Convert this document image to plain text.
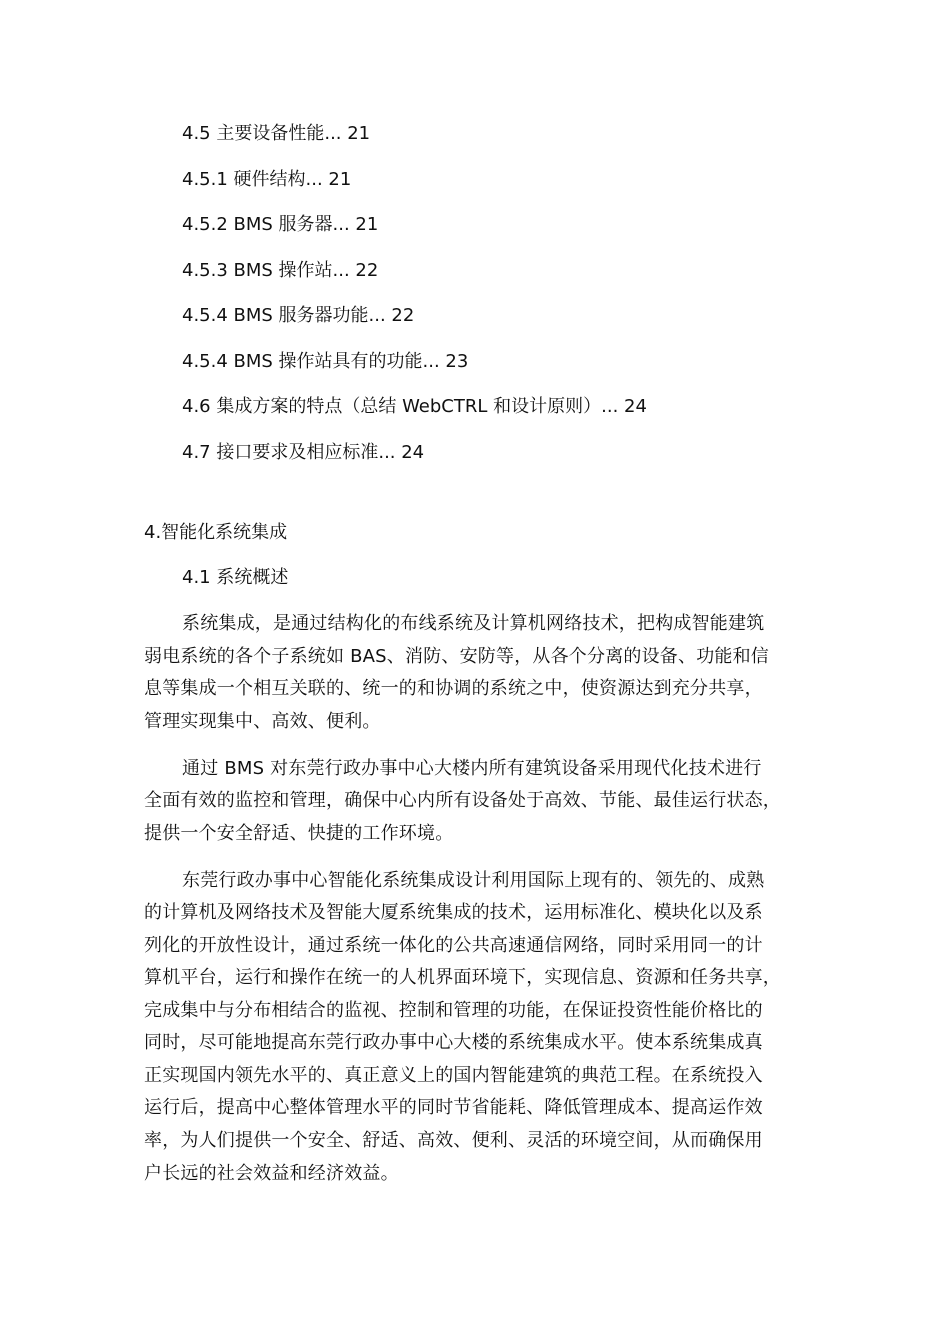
4.5 主要设备性能... 21
4.5.1 硬件结构... 21
4.5.2 BMS 服务器... 21
4.5.3 BMS 操作站... 22
4.5.4 BMS 服务器功能... 22
4.5.4 BMS 操作站具有的功能... 23
4.6 集成方案的特点（总结 WebCTRL 和设计原则）... 24
4.7 接口要求及相应标准... 24
4.智能化系统集成
4.1 系统概述
系统集成，是通过结构化的布线系统及计算机网络技术，把构成智能建筑
弱电系统的各个子系统如 BAS、消防、安防等，从各个分离的设备、功能和信
息等集成一个相互关联的、统一的和协调的系统之中，使资源达到充分共享，
管理实现集中、高效、便利。
通过 BMS 对东莞行政办事中心大楼内所有建筑设备采用现代化技术进行
全面有效的监控和管理，确保中心内所有设备处于高效、节能、最佳运行状态，
提供一个安全舒适、快捷的工作环境。
东莞行政办事中心智能化系统集成设计利用国际上现有的、领先的、成熟
的计算机及网络技术及智能大厦系统集成的技术，运用标准化、模块化以及系
列化的开放性设计，通过系统一体化的公共高速通信网络，同时采用同一的计
算机平台，运行和操作在统一的人机界面环境下，实现信息、资源和任务共享，
完成集中与分布相结合的监视、控制和管理的功能，在保证投资性能价格比的
同时，尽可能地提高东莞行政办事中心大楼的系统集成水平。使本系统集成真
正实现国内领先水平的、真正意义上的国内智能建筑的典范工程。在系统投入
运行后，提高中心整体管理水平的同时节省能耗、降低管理成本、提高运作效
率，为人们提供一个安全、舒适、高效、便利、灵活的环境空间，从而确保用
户长远的社会效益和经济效益。
